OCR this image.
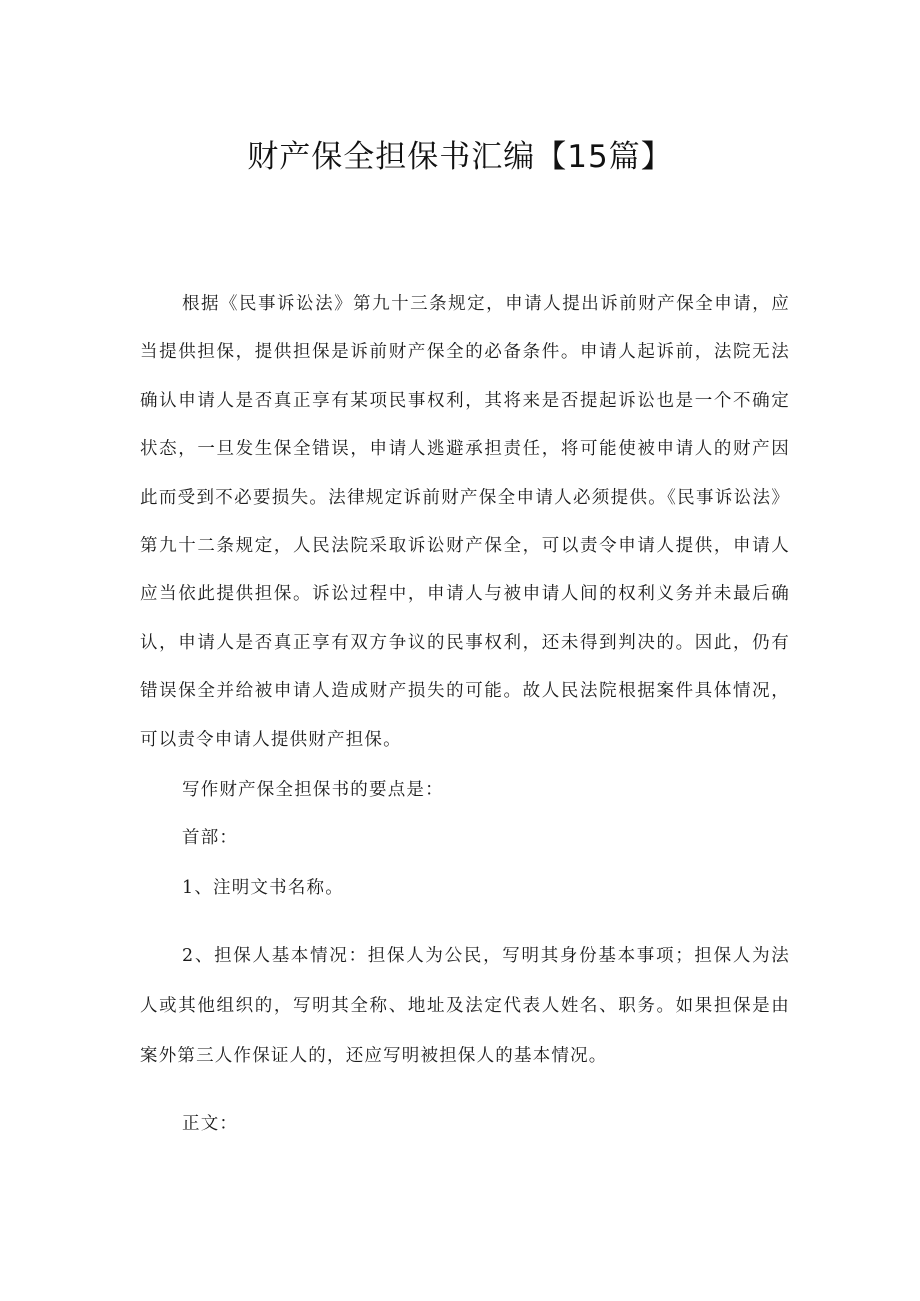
财产保全担保书汇编【15篇】

根据《民事诉讼法》第九十三条规定，申请人提出诉前财产保全申请，应当提供担保，提供担保是诉前财产保全的必备条件。申请人起诉前，法院无法确认申请人是否真正享有某项民事权利，其将来是否提起诉讼也是一个不确定状态，一旦发生保全错误，申请人逃避承担责任，将可能使被申请人的财产因此而受到不必要损失。法律规定诉前财产保全申请人必须提供。《民事诉讼法》第九十二条规定，人民法院采取诉讼财产保全，可以责令申请人提供，申请人应当依此提供担保。诉讼过程中，申请人与被申请人间的权利义务并未最后确认，申请人是否真正享有双方争议的民事权利，还未得到判决的。因此，仍有错误保全并给被申请人造成财产损失的可能。故人民法院根据案件具体情况，可以责令申请人提供财产担保。

写作财产保全担保书的要点是：

首部：

1、注明文书名称。

2、担保人基本情况：担保人为公民，写明其身份基本事项；担保人为法人或其他组织的，写明其全称、地址及法定代表人姓名、职务。如果担保是由案外第三人作保证人的，还应写明被担保人的基本情况。

正文：
